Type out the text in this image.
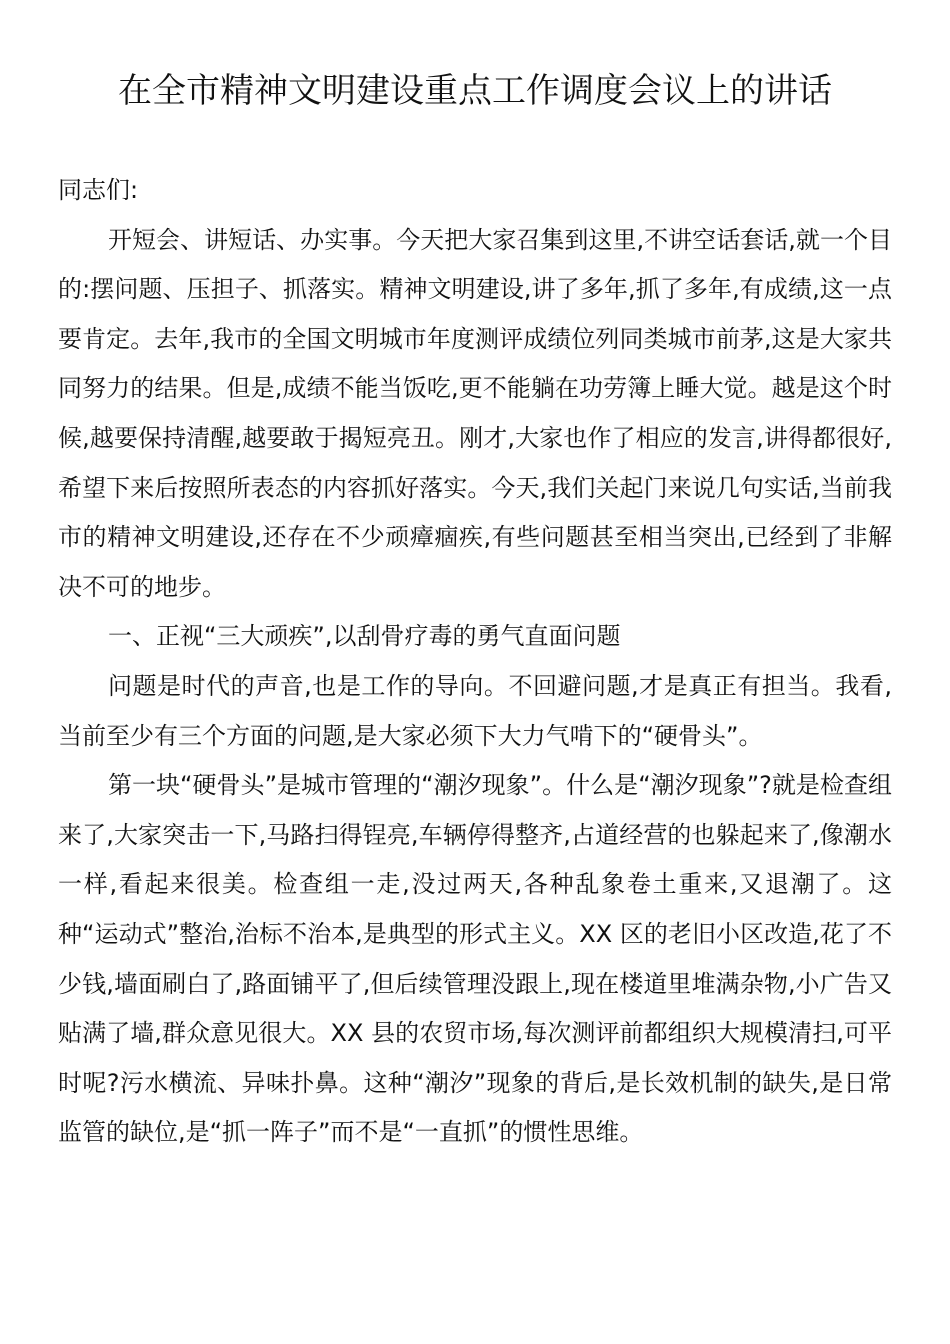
在全市精神文明建设重点工作调度会议上的讲话

同志们:

开短会、讲短话、办实事。今天把大家召集到这里,不讲空话套话,就一个目的:摆问题、压担子、抓落实。精神文明建设,讲了多年,抓了多年,有成绩,这一点要肯定。去年,我市的全国文明城市年度测评成绩位列同类城市前茅,这是大家共同努力的结果。但是,成绩不能当饭吃,更不能躺在功劳簿上睡大觉。越是这个时候,越要保持清醒,越要敢于揭短亮丑。刚才,大家也作了相应的发言,讲得都很好,希望下来后按照所表态的内容抓好落实。今天,我们关起门来说几句实话,当前我市的精神文明建设,还存在不少顽瘴痼疾,有些问题甚至相当突出,已经到了非解决不可的地步。

一、正视“三大顽疾”,以刮骨疗毒的勇气直面问题

问题是时代的声音,也是工作的导向。不回避问题,才是真正有担当。我看,当前至少有三个方面的问题,是大家必须下大力气啃下的“硬骨头”。

第一块“硬骨头”是城市管理的“潮汐现象”。什么是“潮汐现象”?就是检查组来了,大家突击一下,马路扫得锃亮,车辆停得整齐,占道经营的也躲起来了,像潮水一样,看起来很美。检查组一走,没过两天,各种乱象卷土重来,又退潮了。这种“运动式”整治,治标不治本,是典型的形式主义。XX 区的老旧小区改造,花了不少钱,墙面刷白了,路面铺平了,但后续管理没跟上,现在楼道里堆满杂物,小广告又贴满了墙,群众意见很大。XX 县的农贸市场,每次测评前都组织大规模清扫,可平时呢?污水横流、异味扑鼻。这种“潮汐”现象的背后,是长效机制的缺失,是日常监管的缺位,是“抓一阵子”而不是“一直抓”的惯性思维。
